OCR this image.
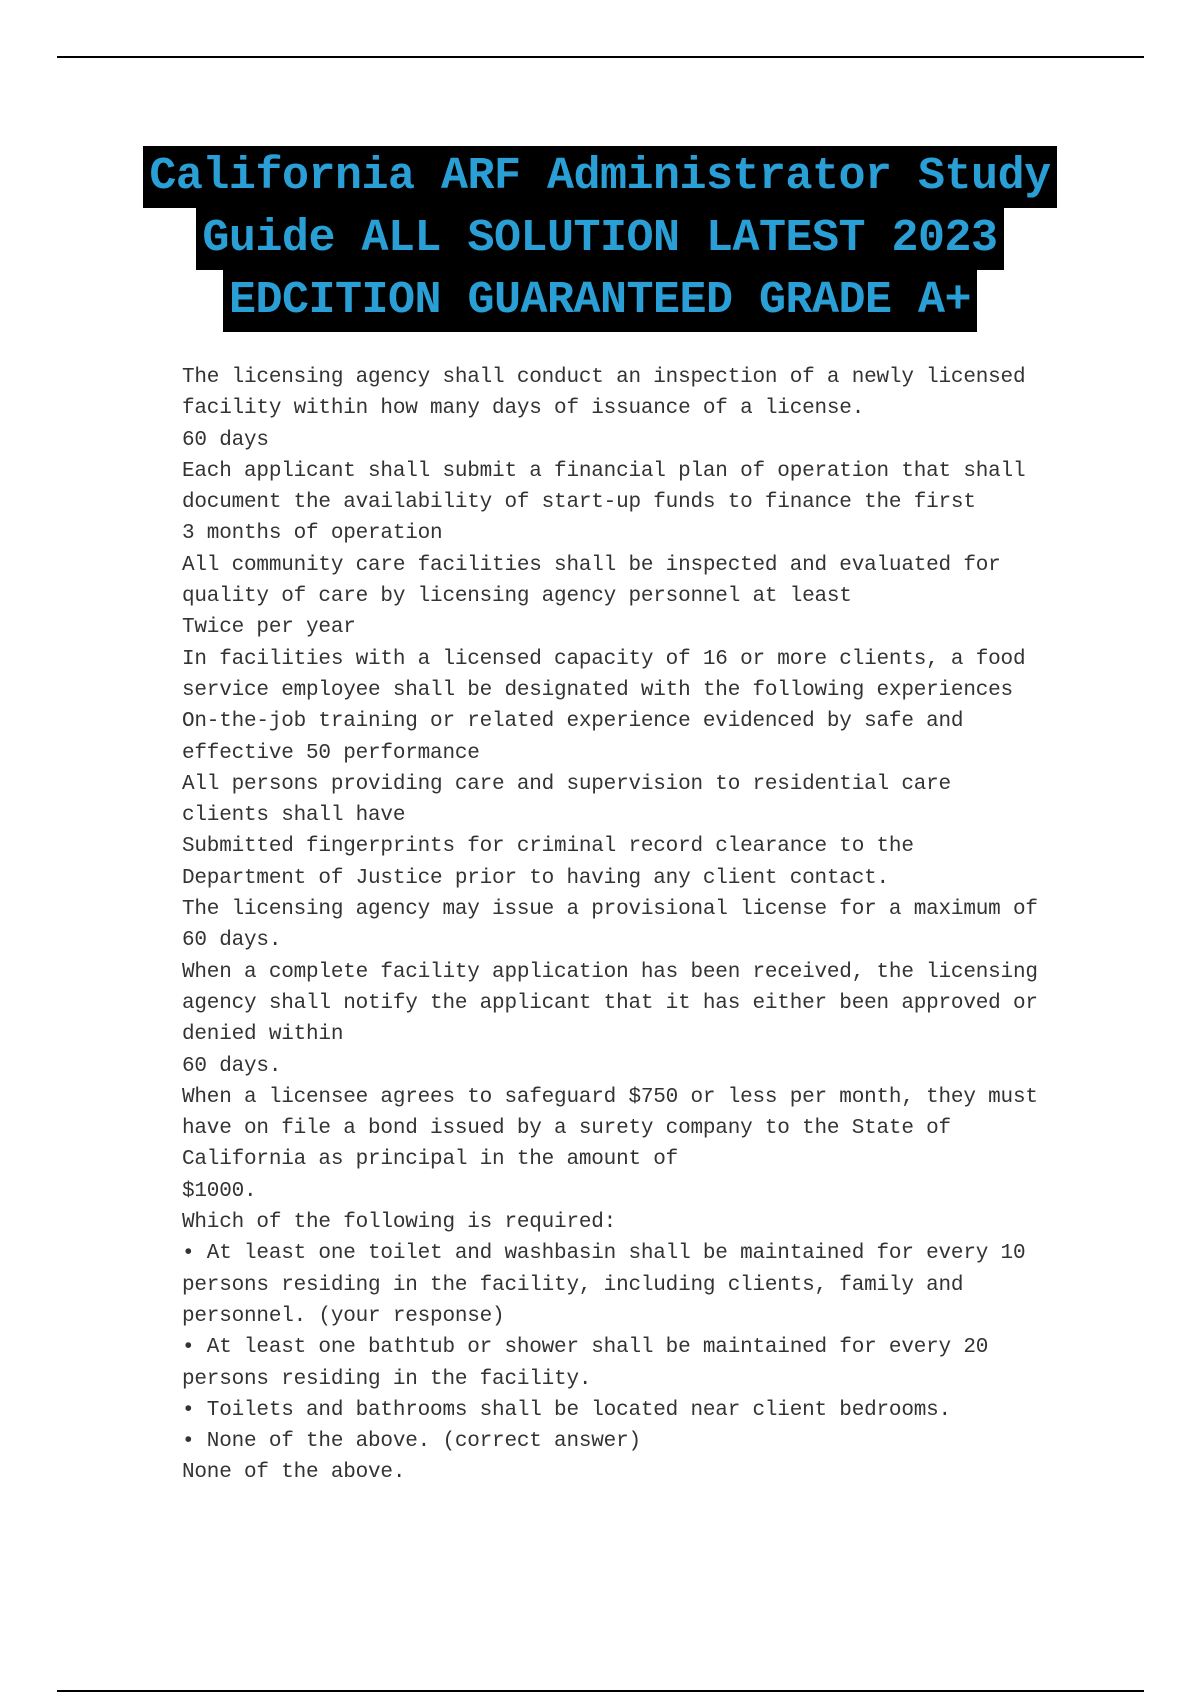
California ARF Administrator Study
Guide ALL SOLUTION LATEST 2023
EDCITION GUARANTEED GRADE A+
The licensing agency shall conduct an inspection of a newly licensed
facility within how many days of issuance of a license.
60 days
Each applicant shall submit a financial plan of operation that shall
document the availability of start-up funds to finance the first
3 months of operation
All community care facilities shall be inspected and evaluated for
quality of care by licensing agency personnel at least
Twice per year
In facilities with a licensed capacity of 16 or more clients, a food
service employee shall be designated with the following experiences
On-the-job training or related experience evidenced by safe and
effective 50 performance
All persons providing care and supervision to residential care
clients shall have
Submitted fingerprints for criminal record clearance to the
Department of Justice prior to having any client contact.
The licensing agency may issue a provisional license for a maximum of
60 days.
When a complete facility application has been received, the licensing
agency shall notify the applicant that it has either been approved or
denied within
60 days.
When a licensee agrees to safeguard $750 or less per month, they must
have on file a bond issued by a surety company to the State of
California as principal in the amount of
$1000.
Which of the following is required:
• At least one toilet and washbasin shall be maintained for every 10
persons residing in the facility, including clients, family and
personnel. (your response)
• At least one bathtub or shower shall be maintained for every 20
persons residing in the facility.
• Toilets and bathrooms shall be located near client bedrooms.
• None of the above. (correct answer)
None of the above.
